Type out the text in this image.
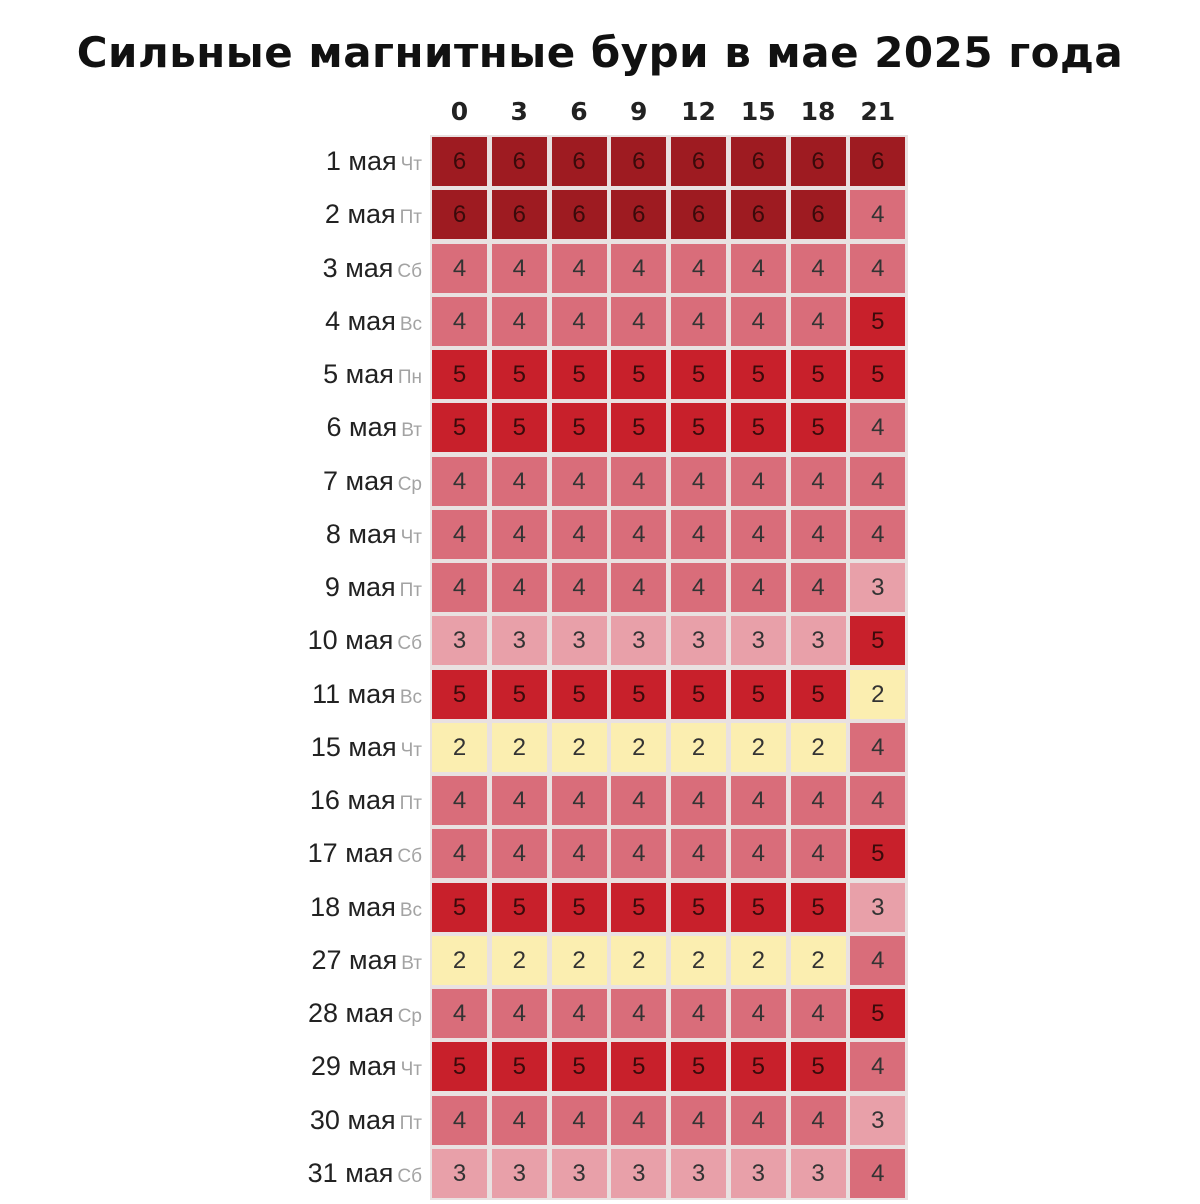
Сильные магнитные бури в мае 2025 года
0	3	6	9	12 15 18 21
1 мая Чт	6	6	6	6	6	6	6	6
2 мая Пт	6	6	6	6	6	6	6	4
3 мая Сб	4	4	4	4	4	4	4	4
4 мая Вс	4	4	4	4	4	4	4	5
5 мая Пн	5	5	5	5	5	5	5	5
6 мая Вт	5	5	5	5	5	5	5	4
7 мая Ср	4	4	4	4	4	4	4	4
8 мая Чт	4	4	4	4	4	4	4	4
9 мая Пт	4	4	4	4	4	4	4	3
10 мая Сб	3	3	3	3	3	3	3	5
11 мая Вс	5	5	5	5	5	5	5	2
15 мая Чт	2	2	2	2	2	2	2	4
16 мая Пт	4	4	4	4	4	4	4	4
17 мая Сб	4	4	4	4	4	4	4	5
18 мая Вс	5	5	5	5	5	5	5	3
27 мая Вт	2	2	2	2	2	2	2	4
28 мая Ср	4	4	4	4	4	4	4	5
29 мая Чт	5	5	5	5	5	5	5	4
30 мая Пт	4	4	4	4	4	4	4	3
31 мая Сб	3	3	3	3	3	3	3	4
